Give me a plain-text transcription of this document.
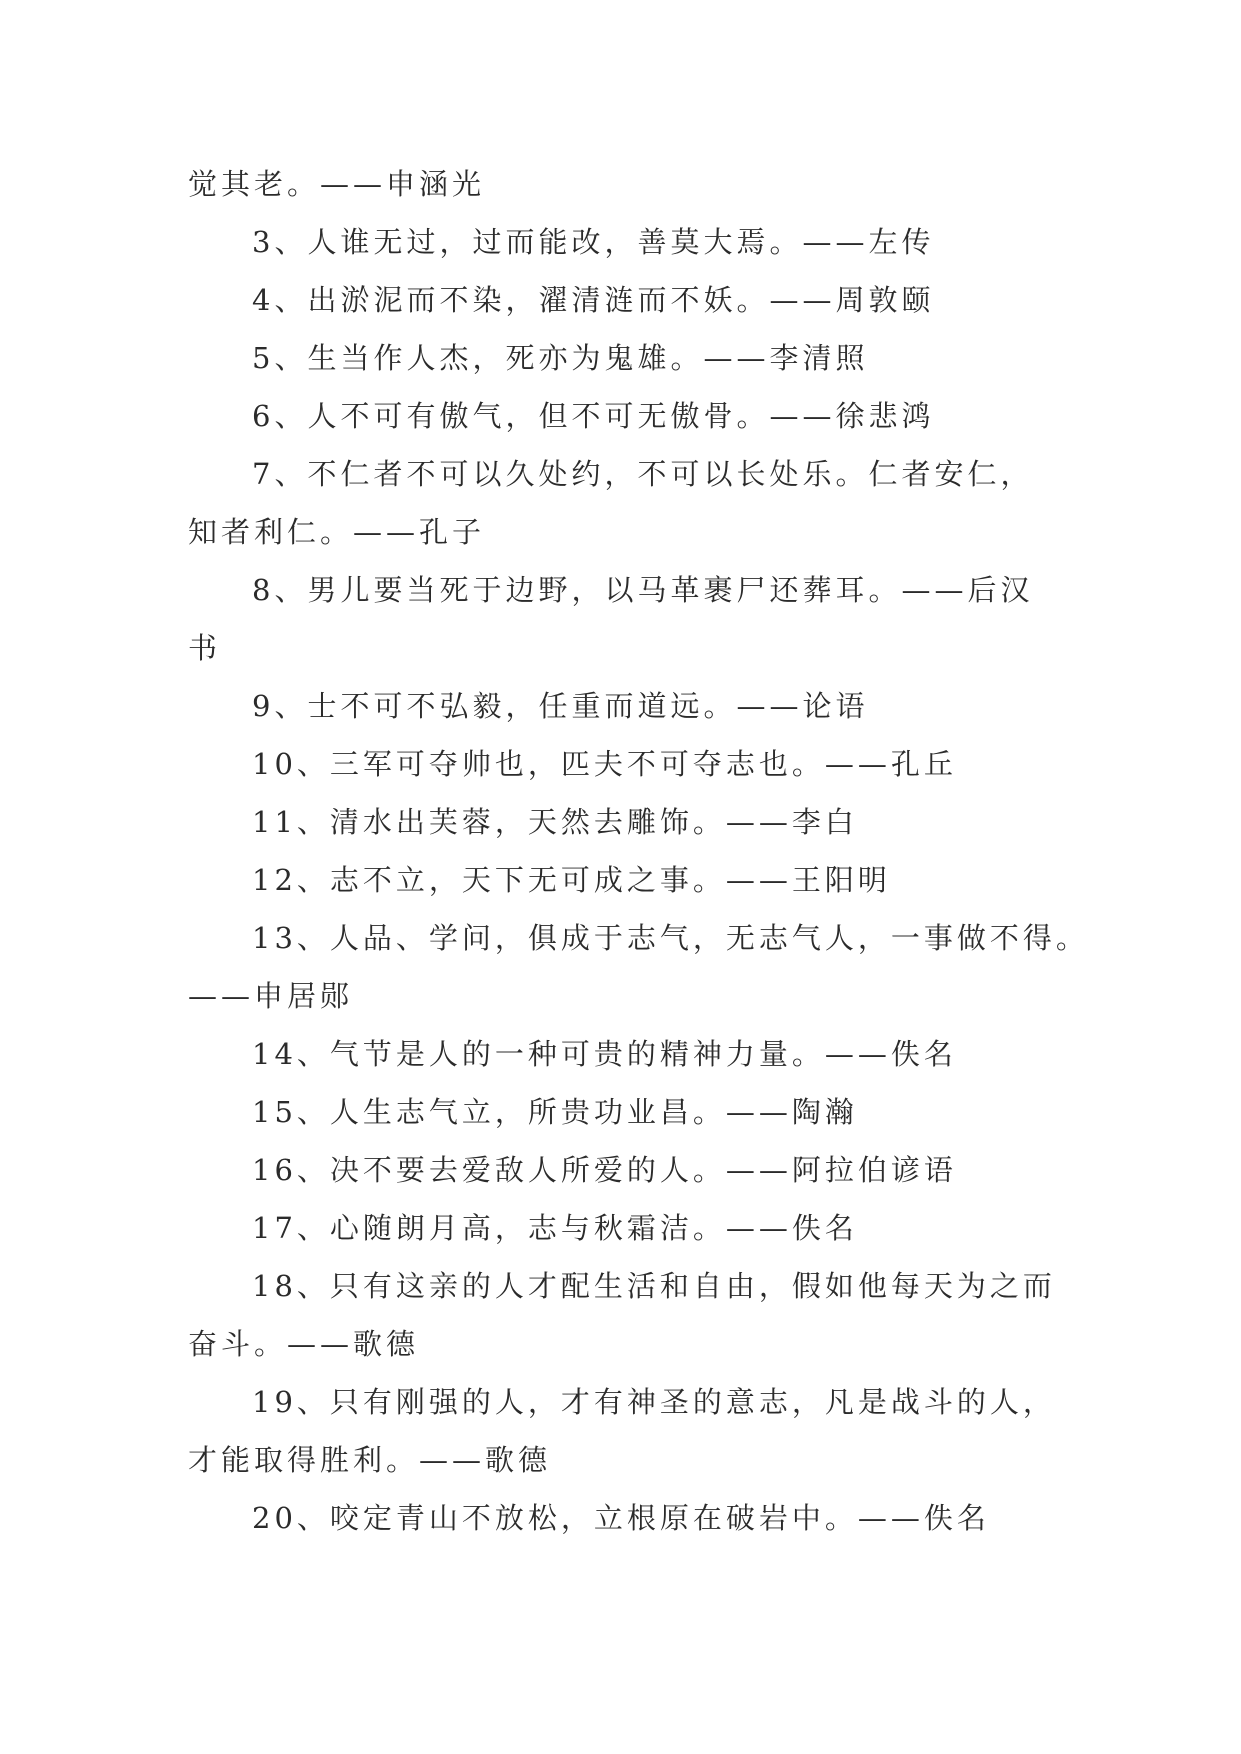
觉其老。——申涵光
3、人谁无过，过而能改，善莫大焉。——左传
4、出淤泥而不染，濯清涟而不妖。——周敦颐
5、生当作人杰，死亦为鬼雄。——李清照
6、人不可有傲气，但不可无傲骨。——徐悲鸿
7、不仁者不可以久处约，不可以长处乐。仁者安仁，
知者利仁。——孔子
8、男儿要当死于边野，以马革裹尸还葬耳。——后汉
书
9、士不可不弘毅，任重而道远。——论语
10、三军可夺帅也，匹夫不可夺志也。——孔丘
11、清水出芙蓉，天然去雕饰。——李白
12、志不立，天下无可成之事。——王阳明
13、人品、学问，俱成于志气，无志气人，一事做不得。
——申居郧
14、气节是人的一种可贵的精神力量。——佚名
15、人生志气立，所贵功业昌。——陶瀚
16、决不要去爱敌人所爱的人。——阿拉伯谚语
17、心随朗月高，志与秋霜洁。——佚名
18、只有这亲的人才配生活和自由，假如他每天为之而
奋斗。——歌德
19、只有刚强的人，才有神圣的意志，凡是战斗的人，
才能取得胜利。——歌德
20、咬定青山不放松，立根原在破岩中。——佚名
